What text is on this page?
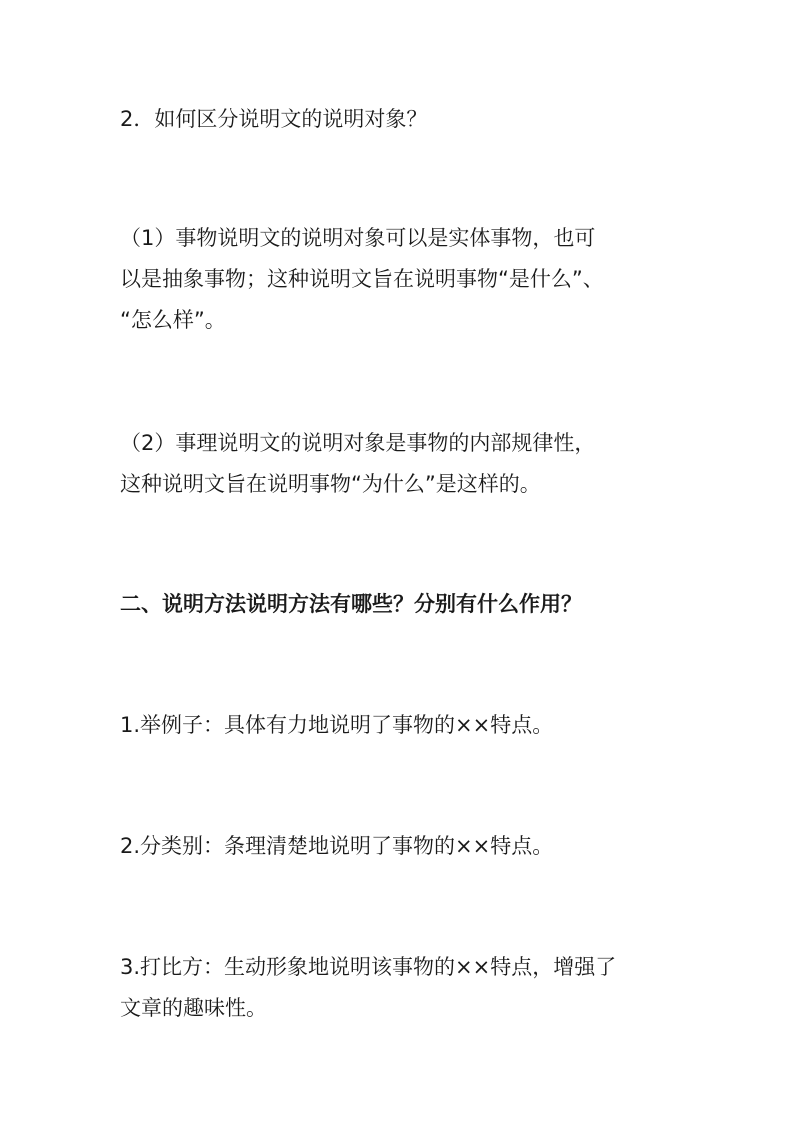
2．如何区分说明文的说明对象？

（1）事物说明文的说明对象可以是实体事物，也可
以是抽象事物；这种说明文旨在说明事物“是什么”、
“怎么样”。

（2）事理说明文的说明对象是事物的内部规律性，
这种说明文旨在说明事物“为什么”是这样的。

二、说明方法说明方法有哪些？分别有什么作用？

1.举例子：具体有力地说明了事物的××特点。

2.分类别：条理清楚地说明了事物的××特点。

3.打比方：生动形象地说明该事物的××特点，增强了
文章的趣味性。
